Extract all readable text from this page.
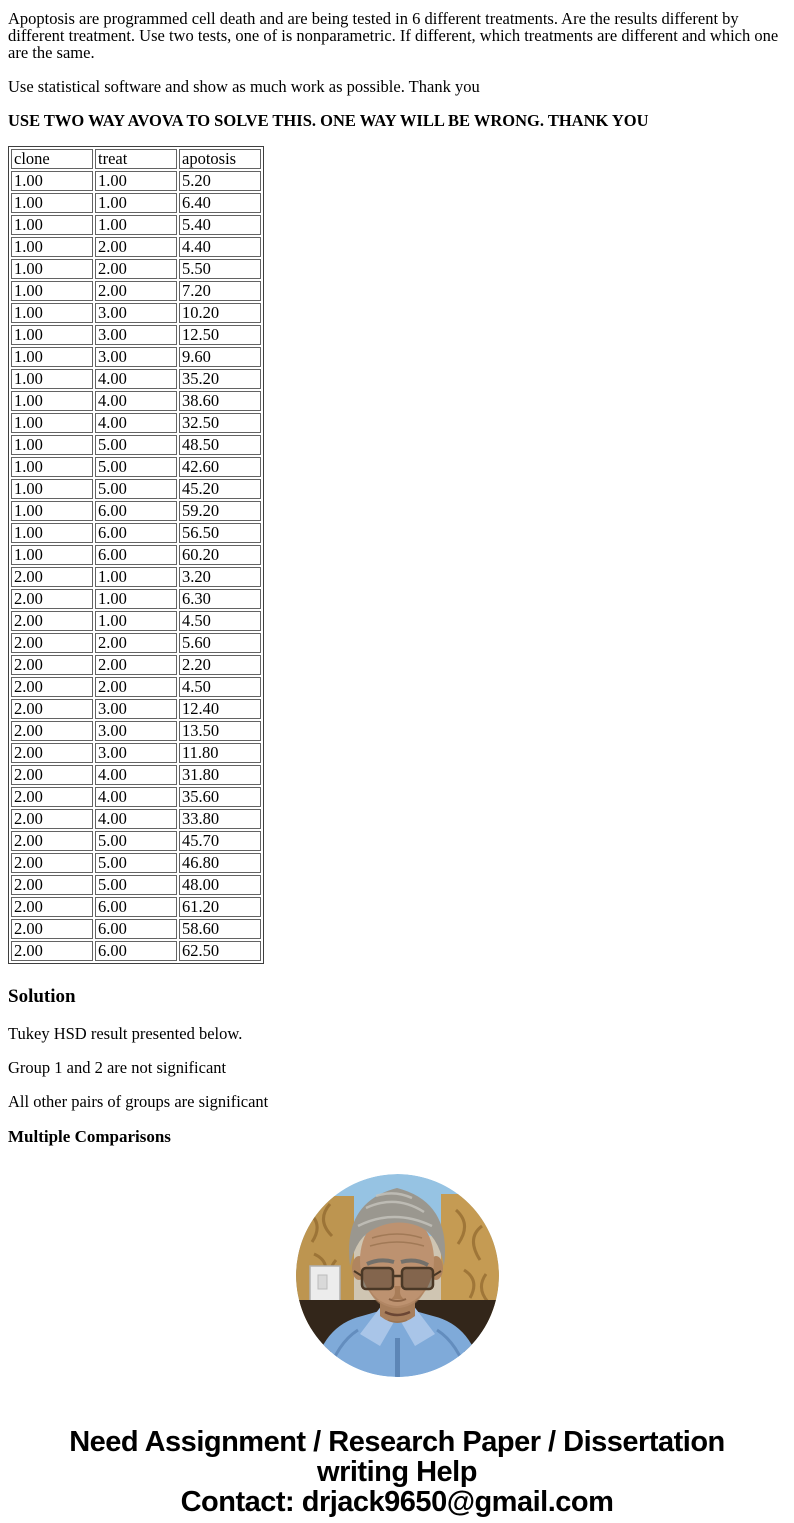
Apoptosis are programmed cell death and are being tested in 6 different treatments. Are the results different by different treatment. Use two tests, one of is nonparametric. If different, which treatments are different and which one are the same.

Use statistical software and show as much work as possible. Thank you

USE TWO WAY AVOVA TO SOLVE THIS. ONE WAY WILL BE WRONG. THANK YOU

clone	treat	apotosis
1.00	1.00	5.20
1.00	1.00	6.40
1.00	1.00	5.40
1.00	2.00	4.40
1.00	2.00	5.50
1.00	2.00	7.20
1.00	3.00	10.20
1.00	3.00	12.50
1.00	3.00	9.60
1.00	4.00	35.20
1.00	4.00	38.60
1.00	4.00	32.50
1.00	5.00	48.50
1.00	5.00	42.60
1.00	5.00	45.20
1.00	6.00	59.20
1.00	6.00	56.50
1.00	6.00	60.20
2.00	1.00	3.20
2.00	1.00	6.30
2.00	1.00	4.50
2.00	2.00	5.60
2.00	2.00	2.20
2.00	2.00	4.50
2.00	3.00	12.40
2.00	3.00	13.50
2.00	3.00	11.80
2.00	4.00	31.80
2.00	4.00	35.60
2.00	4.00	33.80
2.00	5.00	45.70
2.00	5.00	46.80
2.00	5.00	48.00
2.00	6.00	61.20
2.00	6.00	58.60
2.00	6.00	62.50
Solution

Tukey HSD result presented below.

Group 1 and 2 are not significant

All other pairs of groups are significant

Multiple Comparisons
Need Assignment / Research Paper / Dissertation
writing Help
Contact: drjack9650@gmail.com
